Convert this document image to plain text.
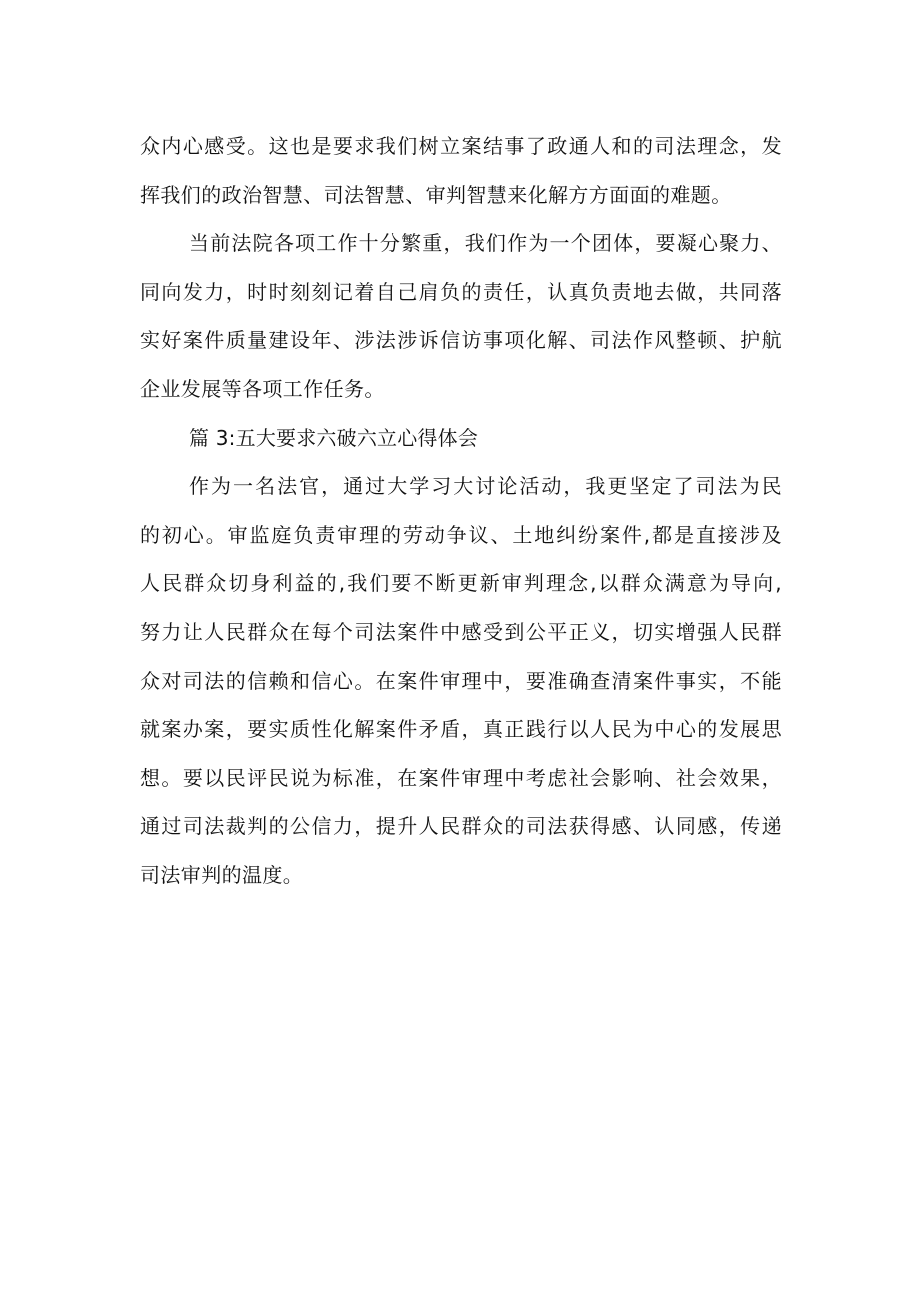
众内心感受。这也是要求我们树立案结事了政通人和的司法理念，发
挥我们的政治智慧、司法智慧、审判智慧来化解方方面面的难题。
当前法院各项工作十分繁重，我们作为一个团体，要凝心聚力、
同向发力，时时刻刻记着自己肩负的责任，认真负责地去做，共同落
实好案件质量建设年、涉法涉诉信访事项化解、司法作风整顿、护航
企业发展等各项工作任务。
篇 3:五大要求六破六立心得体会
作为一名法官，通过大学习大讨论活动，我更坚定了司法为民
的初心。审监庭负责审理的劳动争议、土地纠纷案件,都是直接涉及
人民群众切身利益的,我们要不断更新审判理念,以群众满意为导向,
努力让人民群众在每个司法案件中感受到公平正义，切实增强人民群
众对司法的信赖和信心。在案件审理中，要准确查清案件事实，不能
就案办案，要实质性化解案件矛盾，真正践行以人民为中心的发展思
想。要以民评民说为标准，在案件审理中考虑社会影响、社会效果，
通过司法裁判的公信力，提升人民群众的司法获得感、认同感，传递
司法审判的温度。
